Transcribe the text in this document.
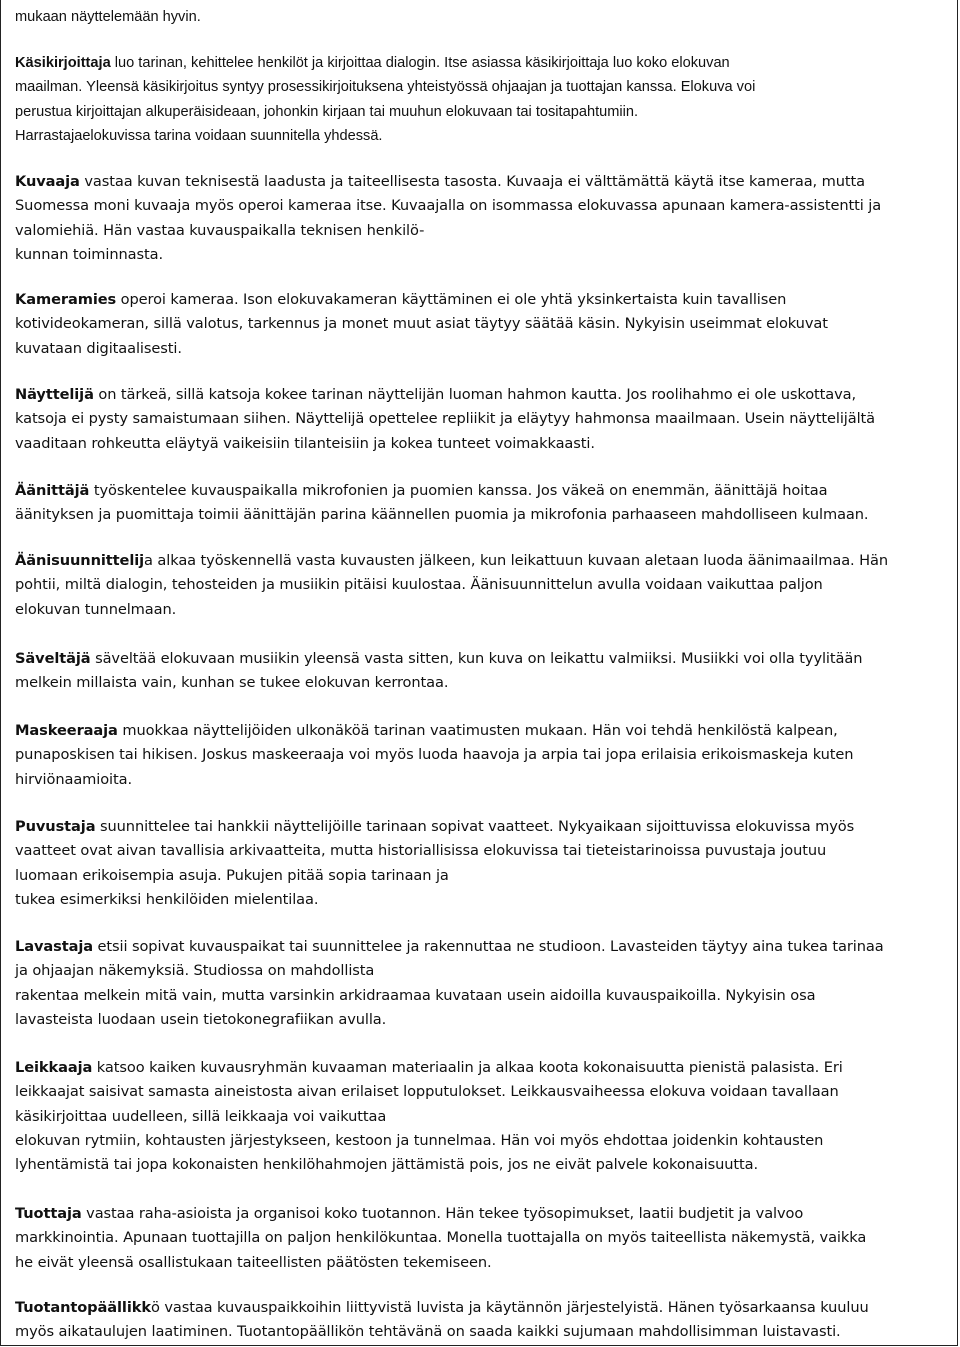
mukaan näyttelemään hyvin.
Käsikirjoittaja luo tarinan, kehittelee henkilöt ja kirjoittaa dialogin. Itse asiassa käsikirjoittaja luo koko elokuvan
maailman. Yleensä käsikirjoitus syntyy prosessikirjoituksena yhteistyössä ohjaajan ja tuottajan kanssa. Elokuva voi
perustua kirjoittajan alkuperäisideaan, johonkin kirjaan tai muuhun elokuvaan tai tositapahtumiin.
Harrastajaelokuvissa tarina voidaan suunnitella yhdessä.
Kuvaaja vastaa kuvan teknisestä laadusta ja taiteellisesta tasosta. Kuvaaja ei välttämättä käytä itse kameraa, mutta
Suomessa moni kuvaaja myös operoi kameraa itse. Kuvaajalla on isommassa elokuvassa apunaan kamera-assistentti ja
valomiehiä. Hän vastaa kuvauspaikalla teknisen henkilö-
kunnan toiminnasta.
Kameramies operoi kameraa. Ison elokuvakameran käyttäminen ei ole yhtä yksinkertaista kuin tavallisen
kotivideokameran, sillä valotus, tarkennus ja monet muut asiat täytyy säätää käsin. Nykyisin useimmat elokuvat
kuvataan digitaalisesti.
Näyttelijä on tärkeä, sillä katsoja kokee tarinan näyttelijän luoman hahmon kautta. Jos roolihahmo ei ole uskottava,
katsoja ei pysty samaistumaan siihen. Näyttelijä opettelee repliikit ja eläytyy hahmonsa maailmaan. Usein näyttelijältä
vaaditaan rohkeutta eläytyä vaikeisiin tilanteisiin ja kokea tunteet voimakkaasti.
Äänittäjä työskentelee kuvauspaikalla mikrofonien ja puomien kanssa. Jos väkeä on enemmän, äänittäjä hoitaa
äänityksen ja puomittaja toimii äänittäjän parina käännellen puomia ja mikrofonia parhaaseen mahdolliseen kulmaan.
Äänisuunnittelija alkaa työskennellä vasta kuvausten jälkeen, kun leikattuun kuvaan aletaan luoda äänimaailmaa. Hän
pohtii, miltä dialogin, tehosteiden ja musiikin pitäisi kuulostaa. Äänisuunnittelun avulla voidaan vaikuttaa paljon
elokuvan tunnelmaan.
Säveltäjä säveltää elokuvaan musiikin yleensä vasta sitten, kun kuva on leikattu valmiiksi. Musiikki voi olla tyylitään
melkein millaista vain, kunhan se tukee elokuvan kerrontaa.
Maskeeraaja muokkaa näyttelijöiden ulkonäköä tarinan vaatimusten mukaan. Hän voi tehdä henkilöstä kalpean,
punaposkisen tai hikisen. Joskus maskeeraaja voi myös luoda haavoja ja arpia tai jopa erilaisia erikoismaskeja kuten
hirviönaamioita.
Puvustaja suunnittelee tai hankkii näyttelijöille tarinaan sopivat vaatteet. Nykyaikaan sijoittuvissa elokuvissa myös
vaatteet ovat aivan tavallisia arkivaatteita, mutta historiallisissa elokuvissa tai tieteistarinoissa puvustaja joutuu
luomaan erikoisempia asuja. Pukujen pitää sopia tarinaan ja
tukea esimerkiksi henkilöiden mielentilaa.
Lavastaja etsii sopivat kuvauspaikat tai suunnittelee ja rakennuttaa ne studioon. Lavasteiden täytyy aina tukea tarinaa
ja ohjaajan näkemyksiä. Studiossa on mahdollista
rakentaa melkein mitä vain, mutta varsinkin arkidraamaa kuvataan usein aidoilla kuvauspaikoilla. Nykyisin osa
lavasteista luodaan usein tietokonegrafiikan avulla.
Leikkaaja katsoo kaiken kuvausryhmän kuvaaman materiaalin ja alkaa koota kokonaisuutta pienistä palasista. Eri
leikkaajat saisivat samasta aineistosta aivan erilaiset lopputulokset. Leikkausvaiheessa elokuva voidaan tavallaan
käsikirjoittaa uudelleen, sillä leikkaaja voi vaikuttaa
elokuvan rytmiin, kohtausten järjestykseen, kestoon ja tunnelmaa. Hän voi myös ehdottaa joidenkin kohtausten
lyhentämistä tai jopa kokonaisten henkilöhahmojen jättämistä pois, jos ne eivät palvele kokonaisuutta.
Tuottaja vastaa raha-asioista ja organisoi koko tuotannon. Hän tekee työsopimukset, laatii budjetit ja valvoo
markkinointia. Apunaan tuottajilla on paljon henkilökuntaa. Monella tuottajalla on myös taiteellista näkemystä, vaikka
he eivät yleensä osallistukaan taiteellisten päätösten tekemiseen.
Tuotantopäällikkö vastaa kuvauspaikkoihin liittyvistä luvista ja käytännön järjestelyistä. Hänen työsarkaansa kuuluu
myös aikataulujen laatiminen. Tuotantopäällikön tehtävänä on saada kaikki sujumaan mahdollisimman luistavasti.
